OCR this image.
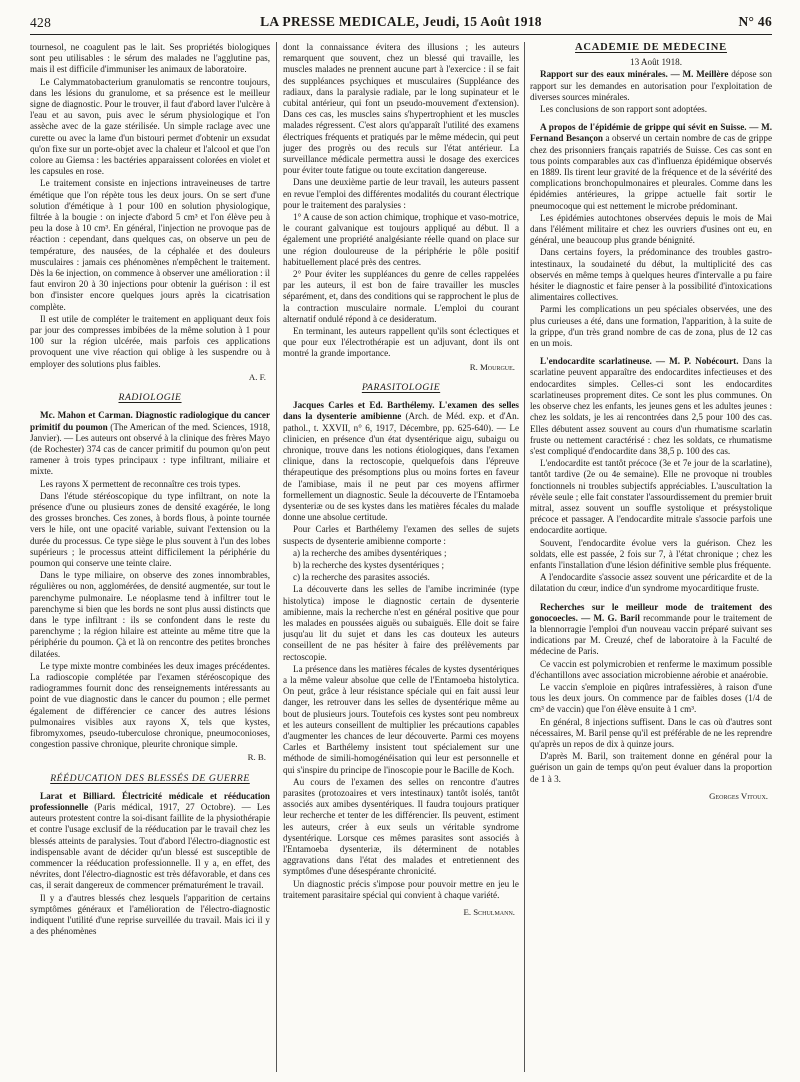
428	LA PRESSE MEDICALE, Jeudi, 15 Août 1918	N° 46

tournesol, ne coagulent pas le lait. Ses propriétés biologiques sont peu utilisables : le sérum des malades ne l'agglutine pas, mais il est difficile d'immuniser les animaux de laboratoire.

Le Calymmatobacterium granulomatis se rencontre toujours, dans les lésions du granulome, et sa présence est le meilleur signe de diagnostic. Pour le trouver, il faut d'abord laver l'ulcère à l'eau et au savon, puis avec le sérum physiologique et l'on assèche avec de la gaze stérilisée. Un simple raclage avec une curette ou avec la lame d'un bistouri permet d'obtenir un exsudat qu'on fixe sur un porte-objet avec la chaleur et l'alcool et que l'on colore au Giemsa : les bactéries apparaissent colorées en violet et les capsules en rose.

Le traitement consiste en injections intraveineuses de tartre émétique que l'on répète tous les deux jours. On se sert d'une solution d'émétique à 1 pour 100 en solution physiologique, filtrée à la bougie : on injecte d'abord 5 cm³ et l'on élève peu à peu la dose à 10 cm³. En général, l'injection ne provoque pas de réaction : cependant, dans quelques cas, on observe un peu de température, des nausées, de la céphalée et des douleurs musculaires : jamais ces phénomènes n'empêchent le traitement. Dès la 6e injection, on commence à observer une amélioration : il faut environ 20 à 30 injections pour obtenir la guérison : il est bon d'insister encore quelques jours après la cicatrisation complète.

Il est utile de compléter le traitement en appliquant deux fois par jour des compresses imbibées de la même solution à 1 pour 100 sur la région ulcérée, mais parfois ces applications provoquent une vive réaction qui oblige à les suspendre ou à employer des solutions plus faibles.

A. F.

RADIOLOGIE

Mc. Mahon et Carman. Diagnostic radiologique du cancer primitif du poumon (The American of the med. Sciences, 1918, Janvier). — Les auteurs ont observé à la clinique des frères Mayo (de Rochester) 374 cas de cancer primitif du poumon qu'on peut ramener à trois types principaux : type infiltrant, miliaire et mixte.

Les rayons X permettent de reconnaître ces trois types.

Dans l'étude stéréoscopique du type infiltrant, on note la présence d'une ou plusieurs zones de densité exagérée, le long des grosses bronches. Ces zones, à bords flous, à pointe tournée vers le hile, ont une opacité variable, suivant l'extension ou la durée du processus. Ce type siège le plus souvent à l'un des lobes supérieurs ; le processus atteint difficilement la périphérie du poumon qui conserve une teinte claire.

Dans le type miliaire, on observe des zones innombrables, régulières ou non, agglomérées, de densité augmentée, sur tout le parenchyme pulmonaire. Le néoplasme tend à infiltrer tout le parenchyme si bien que les bords ne sont plus aussi distincts que dans le type infiltrant : ils se confondent dans le reste du parenchyme ; la région hilaire est atteinte au même titre que la périphérie du poumon. Çà et là on rencontre des petites bronches dilatées.

Le type mixte montre combinées les deux images précédentes. La radioscopie complétée par l'examen stéréoscopique des radiogrammes fournit donc des renseignements intéressants au point de vue diagnostic dans le cancer du poumon ; elle permet également de différencier ce cancer des autres lésions pulmonaires visibles aux rayons X, tels que kystes, fibromyxomes, pseudo-tuberculose chronique, pneumoconioses, congestion passive chronique, pleurite chronique simple.

R. B.

RÉÉDUCATION DES BLESSÉS DE GUERRE

Larat et Billiard. Électricité médicale et rééducation professionnelle (Paris médical, 1917, 27 Octobre). — Les auteurs protestent contre la soi-disant faillite de la physiothérapie et contre l'usage exclusif de la rééducation par le travail chez les blessés atteints de paralysies. Tout d'abord l'électro-diagnostic est indispensable avant de décider qu'un blessé est susceptible de commencer la rééducation professionnelle. Il y a, en effet, des névrites, dont l'électro-diagnostic est très défavorable, et dans ces cas, il serait dangereux de commencer prématurément le travail.

Il y a d'autres blessés chez lesquels l'apparition de certains symptômes généraux et l'amélioration de l'électro-diagnostic indiquent l'utilité d'une reprise surveillée du travail. Mais ici il y a des phénomènes

dont la connaissance évitera des illusions ; les auteurs remarquent que souvent, chez un blessé qui travaille, les muscles malades ne prennent aucune part à l'exercice : il se fait des suppléances psychiques et musculaires (Suppléance des radiaux, dans la paralysie radiale, par le long supinateur et le cubital antérieur, qui font un pseudo-mouvement d'extension). Dans ces cas, les muscles sains s'hypertrophient et les muscles malades régressent. C'est alors qu'apparaît l'utilité des examens électriques fréquents et pratiqués par le même médecin, qui peut juger des progrès ou des reculs sur l'état antérieur. La surveillance médicale permettra aussi le dosage des exercices pour éviter toute fatigue ou toute excitation dangereuse.

Dans une deuxième partie de leur travail, les auteurs passent en revue l'emploi des différentes modalités du courant électrique pour le traitement des paralysies :

1° A cause de son action chimique, trophique et vaso-motrice, le courant galvanique est toujours appliqué au début. Il a également une propriété analgésiante réelle quand on place sur une région douloureuse de la périphérie le pôle positif habituellement placé près des centres.

2° Pour éviter les suppléances du genre de celles rappelées par les auteurs, il est bon de faire travailler les muscles séparément, et, dans des conditions qui se rapprochent le plus de la contraction musculaire normale. L'emploi du courant alternatif ondulé répond à ce desideratum.

En terminant, les auteurs rappellent qu'ils sont éclectiques et que pour eux l'électrothérapie est un adjuvant, dont ils ont montré la grande importance.

R. Mourgue.

PARASITOLOGIE

Jacques Carles et Ed. Barthélemy. L'examen des selles dans la dysenterie amibienne (Arch. de Méd. exp. et d'An. pathol., t. XXVII, n° 6, 1917, Décembre, pp. 625-640). — Le clinicien, en présence d'un état dysentérique aigu, subaigu ou chronique, trouve dans les notions étiologiques, dans l'examen clinique, dans la rectoscopie, quelquefois dans l'épreuve thérapeutique des présomptions plus ou moins fortes en faveur de l'amibiase, mais il ne peut par ces moyens affirmer formellement un diagnostic. Seule la découverte de l'Entamoeba dysenteriæ ou de ses kystes dans les matières fécales du malade donne une absolue certitude.

Pour Carles et Barthélemy l'examen des selles de sujets suspects de dysenterie amibienne comporte :

a) la recherche des amibes dysentériques ;

b) la recherche des kystes dysentériques ;

c) la recherche des parasites associés.

La découverte dans les selles de l'amibe incriminée (type histolytica) impose le diagnostic certain de dysenterie amibienne, mais la recherche n'est en général positive que pour les malades en poussées aiguës ou subaiguës. Elle doit se faire jusqu'au lit du sujet et dans les cas douteux les auteurs conseillent de ne pas hésiter à faire des prélèvements par rectoscopie.

La présence dans les matières fécales de kystes dysentériques a la même valeur absolue que celle de l'Entamoeba histolytica. On peut, grâce à leur résistance spéciale qui en fait aussi leur danger, les retrouver dans les selles de dysentérique même au bout de plusieurs jours. Toutefois ces kystes sont peu nombreux et les auteurs conseillent de multiplier les précautions capables d'augmenter les chances de leur découverte. Parmi ces moyens Carles et Barthélemy insistent tout spécialement sur une méthode de simili-homogénéisation qui leur est personnelle et qui s'inspire du principe de l'inoscopie pour le Bacille de Koch.

Au cours de l'examen des selles on rencontre d'autres parasites (protozoaires et vers intestinaux) tantôt isolés, tantôt associés aux amibes dysentériques. Il faudra toujours pratiquer leur recherche et tenter de les différencier. Ils peuvent, estiment les auteurs, créer à eux seuls un véritable syndrome dysentérique. Lorsque ces mêmes parasites sont associés à l'Entamoeba dysenteriæ, ils déterminent de notables aggravations dans l'état des malades et entretiennent des symptômes d'une désespérante chronicité.

Un diagnostic précis s'impose pour pouvoir mettre en jeu le traitement parasitaire spécial qui convient à chaque variété.

E. Schulmann.

ACADÉMIE DE MÉDECINE

13 Août 1918.

Rapport sur des eaux minérales. — M. Meillère dépose son rapport sur les demandes en autorisation pour l'exploitation de diverses sources minérales.

Les conclusions de son rapport sont adoptées.

A propos de l'épidémie de grippe qui sévit en Suisse. — M. Fernand Besançon a observé un certain nombre de cas de grippe chez des prisonniers français rapatriés de Suisse. Ces cas sont en tous points comparables aux cas d'influenza épidémique observés en 1889. Ils tirent leur gravité de la fréquence et de la sévérité des complications bronchopulmonaires et pleurales. Comme dans les épidémies antérieures, la grippe actuelle fait sortir le pneumocoque qui est nettement le microbe prédominant.

Les épidémies autochtones observées depuis le mois de Mai dans l'élément militaire et chez les ouvriers d'usines ont eu, en général, une beaucoup plus grande bénignité.

Dans certains foyers, la prédominance des troubles gastro-intestinaux, la soudaineté du début, la multiplicité des cas observés en même temps à quelques heures d'intervalle a pu faire hésiter le diagnostic et faire penser à la possibilité d'intoxications alimentaires collectives.

Parmi les complications un peu spéciales observées, une des plus curieuses a été, dans une formation, l'apparition, à la suite de la grippe, d'un très grand nombre de cas de zona, plus de 12 cas en un mois.

L'endocardite scarlatineuse. — M. P. Nobécourt. Dans la scarlatine peuvent apparaître des endocardites infectieuses et des endocardites simples. Celles-ci sont les endocardites scarlatineuses proprement dites. Ce sont les plus communes. On les observe chez les enfants, les jeunes gens et les adultes jeunes : chez les soldats, je les ai rencontrées dans 2,5 pour 100 des cas. Elles débutent assez souvent au cours d'un rhumatisme scarlatin fruste ou nettement caractérisé : chez les soldats, ce rhumatisme s'est compliqué d'endocardite dans 38,5 p. 100 des cas.

L'endocardite est tantôt précoce (3e et 7e jour de la scarlatine), tantôt tardive (2e ou 4e semaine). Elle ne provoque ni troubles fonctionnels ni troubles subjectifs appréciables. L'auscultation la révèle seule ; elle fait constater l'assourdissement du premier bruit mitral, assez souvent un souffle systolique et présystolique précoce et passager. A l'endocardite mitrale s'associe parfois une endocardite aortique.

Souvent, l'endocardite évolue vers la guérison. Chez les soldats, elle est passée, 2 fois sur 7, à l'état chronique ; chez les enfants l'installation d'une lésion définitive semble plus fréquente.

A l'endocardite s'associe assez souvent une péricardite et de la dilatation du cœur, indice d'un syndrome myocarditique fruste.

Recherches sur le meilleur mode de traitement des gonocoecles. — M. G. Baril recommande pour le traitement de la blennorragie l'emploi d'un nouveau vaccin préparé suivant ses indications par M. Creuzé, chef de laboratoire à la Faculté de médecine de Paris.

Ce vaccin est polymicrobien et renferme le maximum possible d'échantillons avec association microbienne aérobie et anaérobie.

Le vaccin s'emploie en piqûres intrafessières, à raison d'une tous les deux jours. On commence par de faibles doses (1/4 de cm³ de vaccin) que l'on élève ensuite à 1 cm³.

En général, 8 injections suffisent. Dans le cas où d'autres sont nécessaires, M. Baril pense qu'il est préférable de ne les reprendre qu'après un repos de dix à quinze jours.

D'après M. Baril, son traitement donne en général pour la guérison un gain de temps qu'on peut évaluer dans la proportion de 1 à 3.

Georges Vitoux.
